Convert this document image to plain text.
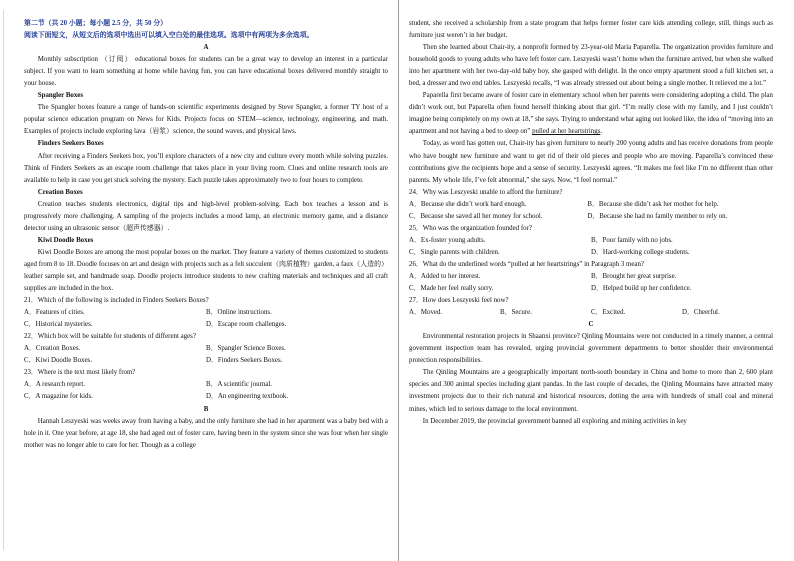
第二节（共 20 小题；每小题 2.5 分，共 50 分）
阅读下面短文，从短文后的选项中选出可以填入空白处的最佳选项。选项中有两项为多余选项。
A

Monthly subscription （订阅） educational boxes for students can be a great way to develop an interest in a particular subject. If you want to learn something at home while having fun, you can have educational boxes delivered monthly straight to your house.

Spangler Boxes

The Spangler boxes feature a range of hands-on scientific experiments designed by Steve Spangler, a former TY host of a popular science education program on News for Kids. Projects focus on STEM—science, technology, engineering, and math. Examples of projects include exploring lava（岩浆）science, the sound waves, and physical laws.

Finders Seekers Boxes

After receiving a Finders Seekers box, you’ll explore characters of a new city and culture every month while solving puzzles. Think of Finders Seekers as an escape room challenge that takes place in your living room. Clues and online research tools are available to help in case you get stuck solving the mystery. Each puzzle takes approximately two to four hours to complete.

Creation Boxes

Creation teaches students electronics, digital tips and high-level problem-solving. Each box teaches a lesson and is progressively more challenging. A sampling of the projects includes a mood lamp, an electronic memory game, and a distance detector using an ultrasonic sensor（超声传感器）.

Kiwi Doodle Boxes

Kiwi Doodle Boxes are among the most popular boxes on the market. They feature a variety of themes customized to students aged from 8 to 18. Doodle focuses on art and design with projects such as a felt succulent（肉质植物）garden, a faux（人造的）leather sample set, and handmade soap. Doodle projects introduce students to new crafting materials and techniques and all craft supplies are included in the box.

21．Which of the following is included in Finders Seekers Boxes?

A．Features of cities.	B．Online instructions.
C．Historical mysteries.	D．Escape room challenges.

22．Which box will be suitable for students of different ages?

A．Creation Boxes.	B．Spangler Science Boxes.
C．Kiwi Doodle Boxes.	D．Finders Seekers Boxes.

23．Where is the text most likely from?

A．A research report.	B．A scientific journal.
C．A magazine for kids.	D．An engineering textbook.
B

Hannah Leszyeski was weeks away from having a baby, and the only furniture she had in her apartment was a baby bed with a hole in it. One year before, at age 18, she had aged out of foster care, having been in the system since she was four when her single mother was no longer able to care for her. Though as a college

student, she received a scholarship from a state program that helps former foster care kids attending college, still, things such as furniture just weren’t in her budget.

Then she learned about Chair-ity, a nonprofit formed by 23-year-old Maria Paparella. The organization provides furniture and household goods to young adults who have left foster care. Leszyeski wasn’t home when the furniture arrived, but when she walked into her apartment with her two-day-old baby boy, she gasped with delight. In the once empty apartment stood a full kitchen set, a bed, a dresser and two end tables. Leszyeski recalls, “I was already stressed out about being a single mother. It relieved me a lot.”

Paparella first became aware of foster care in elementary school when her parents were considering adopting a child. The plan didn’t work out, but Paparella often found herself thinking about that girl. “I’m really close with my family, and I just couldn’t imagine being completely on my own at 18,” she says. Trying to understand what aging out looked like, the idea of “moving into an apartment and not having a bed to sleep on” pulled at her heartstrings.

Today, as word has gotten out, Chair-ity has given furniture to nearly 200 young adults and has receive donations from people who have bought new furniture and want to get rid of their old pieces and people who are moving. Paparella’s convinced these contributions give the recipients hope and a sense of security. Leszyeski agrees. “It makes me feel like I’m no different than other parents. My whole life, I’ve felt abnormal,” she says. Now, “I feel normal.”

24．Why was Leszyeski unable to afford the furniture?

A．Because she didn’t work hard enough.	B．Because she didn’t ask her mother for help.
C．Because she saved all her money for school.	D．Because she had no family member to rely on.

25．Who was the organization founded for?

A．Ex-foster young adults.	B．Poor family with no jobs.
C．Single parents with children.	D．Hard-working college students.

26．What do the underlined words “pulled at her heartstrings” in Paragraph 3 mean?

A．Added to her interest.	B．Brought her great surprise.
C．Made her feel really sorry.	D．Helped build up her confidence.

27．How does Leszyeski feel now?

A．Moved.	B．Secure.	C．Excited.	D．Cheerful.
C

Environmental restoration projects in Shaanxi province? Qinling Mountains were not conducted in a timely manner, a central government inspection team has revealed, urging provincial government departments to better shoulder their environmental protection responsibilities.

The Qinling Mountains are a geographically important north-south boundary in China and home to more than 2, 600 plant species and 300 animal species including giant pandas. In the last couple of decades, the Qinling Mountains have attracted many investment projects due to their rich natural and historical resources, dotting the area with hundreds of small coal and mineral mines, which led to serious damage to the local environment.

In December 2019, the provincial government banned all exploring and mining activities in key
